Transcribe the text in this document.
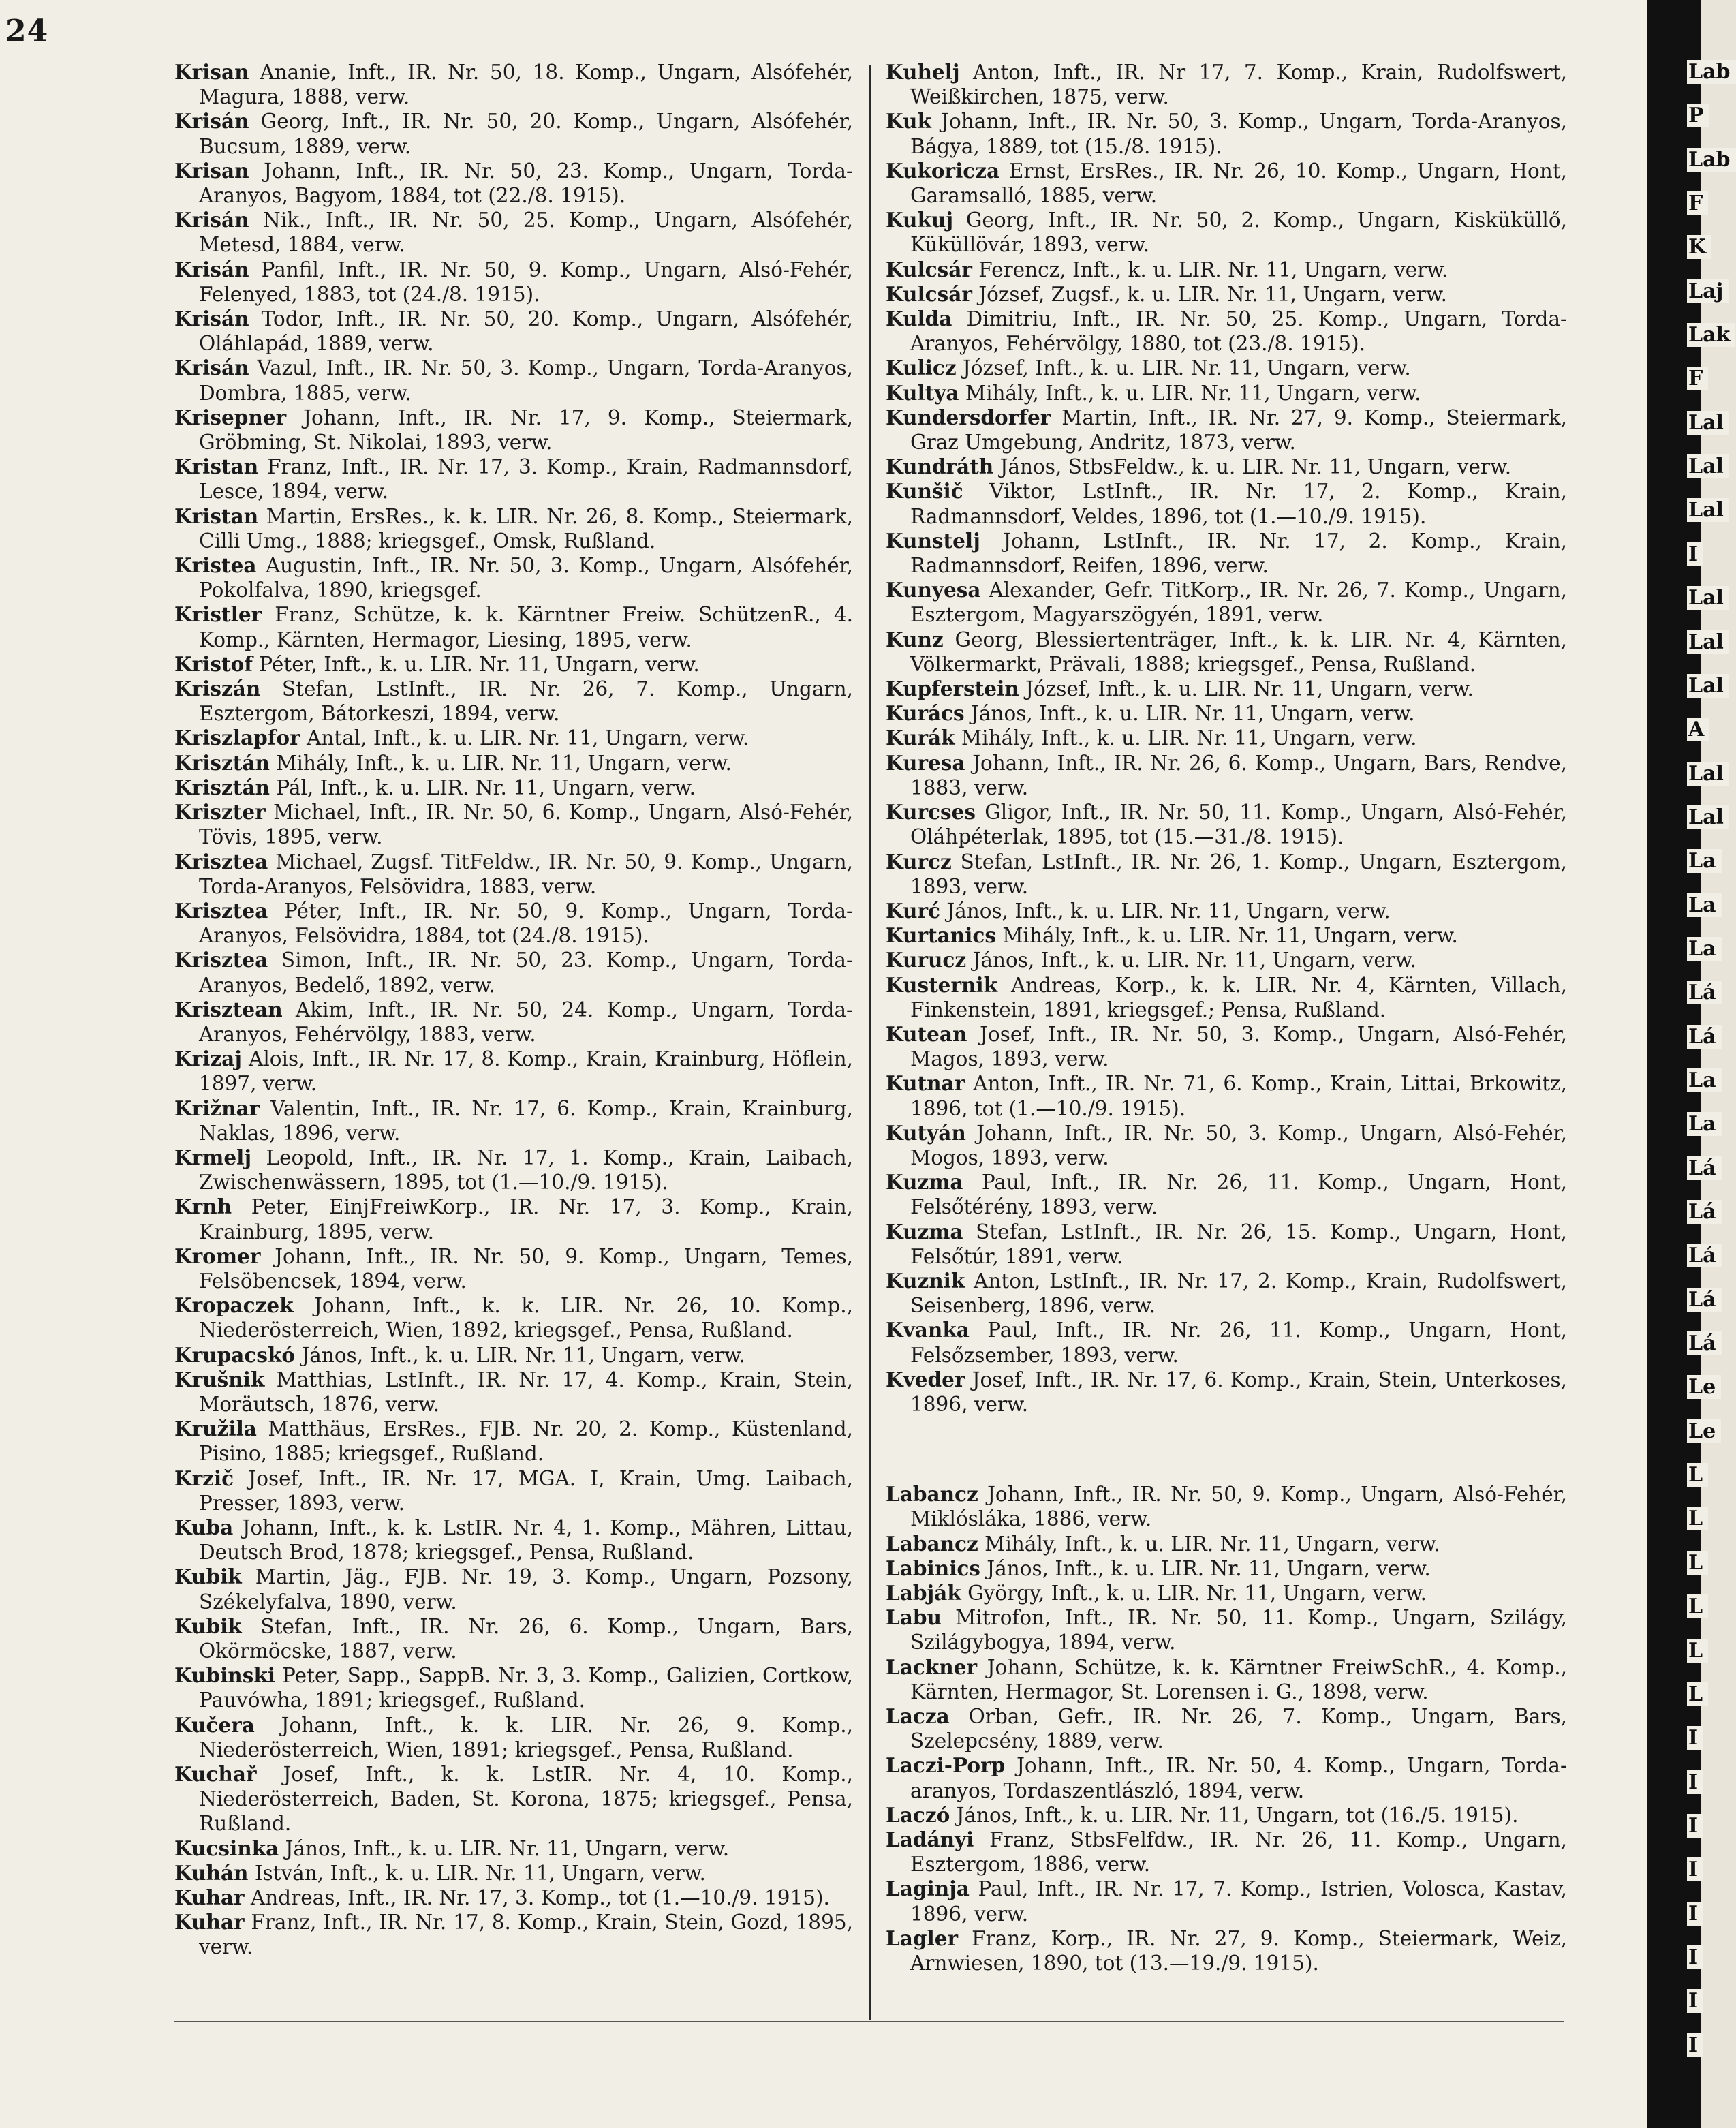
24

Krisan Ananie, Inft., IR. Nr. 50, 18. Komp., Ungarn, Alsófehér, Magura, 1888, verw.

Krisán Georg, Inft., IR. Nr. 50, 20. Komp., Ungarn, Alsófehér, Bucsum, 1889, verw.

Krisan Johann, Inft., IR. Nr. 50, 23. Komp., Ungarn, Torda-Aranyos, Bagyom, 1884, tot (22./8. 1915).

Krisán Nik., Inft., IR. Nr. 50, 25. Komp., Ungarn, Alsófehér, Metesd, 1884, verw.

Krisán Panfil, Inft., IR. Nr. 50, 9. Komp., Ungarn, Alsó-Fehér, Felenyed, 1883, tot (24./8. 1915).

Krisán Todor, Inft., IR. Nr. 50, 20. Komp., Ungarn, Alsófehér, Oláhlapád, 1889, verw.

Krisán Vazul, Inft., IR. Nr. 50, 3. Komp., Ungarn, Torda-Aranyos, Dombra, 1885, verw.

Krisepner Johann, Inft., IR. Nr. 17, 9. Komp., Steiermark, Gröbming, St. Nikolai, 1893, verw.

Kristan Franz, Inft., IR. Nr. 17, 3. Komp., Krain, Radmannsdorf, Lesce, 1894, verw.

Kristan Martin, ErsRes., k. k. LIR. Nr. 26, 8. Komp., Steiermark, Cilli Umg., 1888; kriegsgef., Omsk, Rußland.

Kristea Augustin, Inft., IR. Nr. 50, 3. Komp., Ungarn, Alsófehér, Pokolfalva, 1890, kriegsgef.

Kristler Franz, Schütze, k. k. Kärntner Freiw. SchützenR., 4. Komp., Kärnten, Hermagor, Liesing, 1895, verw.

Kristof Péter, Inft., k. u. LIR. Nr. 11, Ungarn, verw.

Kriszán Stefan, LstInft., IR. Nr. 26, 7. Komp., Ungarn, Esztergom, Bátorkeszi, 1894, verw.

Kriszlapfor Antal, Inft., k. u. LIR. Nr. 11, Ungarn, verw.

Krisztán Mihály, Inft., k. u. LIR. Nr. 11, Ungarn, verw.

Krisztán Pál, Inft., k. u. LIR. Nr. 11, Ungarn, verw.

Kriszter Michael, Inft., IR. Nr. 50, 6. Komp., Ungarn, Alsó-Fehér, Tövis, 1895, verw.

Krisztea Michael, Zugsf. TitFeldw., IR. Nr. 50, 9. Komp., Ungarn, Torda-Aranyos, Felsövidra, 1883, verw.

Krisztea Péter, Inft., IR. Nr. 50, 9. Komp., Ungarn, Torda-Aranyos, Felsövidra, 1884, tot (24./8. 1915).

Krisztea Simon, Inft., IR. Nr. 50, 23. Komp., Ungarn, Torda-Aranyos, Bedelő, 1892, verw.

Krisztean Akim, Inft., IR. Nr. 50, 24. Komp., Ungarn, Torda-Aranyos, Fehérvölgy, 1883, verw.

Krizaj Alois, Inft., IR. Nr. 17, 8. Komp., Krain, Krainburg, Höflein, 1897, verw.

Križnar Valentin, Inft., IR. Nr. 17, 6. Komp., Krain, Krainburg, Naklas, 1896, verw.

Krmelj Leopold, Inft., IR. Nr. 17, 1. Komp., Krain, Laibach, Zwischenwässern, 1895, tot (1.—10./9. 1915).

Krnh Peter, EinjFreiwKorp., IR. Nr. 17, 3. Komp., Krain, Krainburg, 1895, verw.

Kromer Johann, Inft., IR. Nr. 50, 9. Komp., Ungarn, Temes, Felsöbencsek, 1894, verw.

Kropaczek Johann, Inft., k. k. LIR. Nr. 26, 10. Komp., Niederösterreich, Wien, 1892, kriegsgef., Pensa, Rußland.

Krupacskó János, Inft., k. u. LIR. Nr. 11, Ungarn, verw.

Krušnik Matthias, LstInft., IR. Nr. 17, 4. Komp., Krain, Stein, Moräutsch, 1876, verw.

Kružila Matthäus, ErsRes., FJB. Nr. 20, 2. Komp., Küstenland, Pisino, 1885; kriegsgef., Rußland.

Krzič Josef, Inft., IR. Nr. 17, MGA. I, Krain, Umg. Laibach, Presser, 1893, verw.

Kuba Johann, Inft., k. k. LstIR. Nr. 4, 1. Komp., Mähren, Littau, Deutsch Brod, 1878; kriegsgef., Pensa, Rußland.

Kubik Martin, Jäg., FJB. Nr. 19, 3. Komp., Ungarn, Pozsony, Székelyfalva, 1890, verw.

Kubik Stefan, Inft., IR. Nr. 26, 6. Komp., Ungarn, Bars, Okörmöcske, 1887, verw.

Kubinski Peter, Sapp., SappB. Nr. 3, 3. Komp., Galizien, Cortkow, Pauvówha, 1891; kriegsgef., Rußland.

Kučera Johann, Inft., k. k. LIR. Nr. 26, 9. Komp., Niederösterreich, Wien, 1891; kriegsgef., Pensa, Rußland.

Kuchař Josef, Inft., k. k. LstIR. Nr. 4, 10. Komp., Niederösterreich, Baden, St. Korona, 1875; kriegsgef., Pensa, Rußland.

Kucsinka János, Inft., k. u. LIR. Nr. 11, Ungarn, verw.

Kuhán István, Inft., k. u. LIR. Nr. 11, Ungarn, verw.

Kuhar Andreas, Inft., IR. Nr. 17, 3. Komp., tot (1.—10./9. 1915).

Kuhar Franz, Inft., IR. Nr. 17, 8. Komp., Krain, Stein, Gozd, 1895, verw.

Kuhelj Anton, Inft., IR. Nr 17, 7. Komp., Krain, Rudolfswert, Weißkirchen, 1875, verw.

Kuk Johann, Inft., IR. Nr. 50, 3. Komp., Ungarn, Torda-Aranyos, Bágya, 1889, tot (15./8. 1915).

Kukoricza Ernst, ErsRes., IR. Nr. 26, 10. Komp., Ungarn, Hont, Garamsalló, 1885, verw.

Kukuj Georg, Inft., IR. Nr. 50, 2. Komp., Ungarn, Kisküküllő, Küküllövár, 1893, verw.

Kulcsár Ferencz, Inft., k. u. LIR. Nr. 11, Ungarn, verw.

Kulcsár József, Zugsf., k. u. LIR. Nr. 11, Ungarn, verw.

Kulda Dimitriu, Inft., IR. Nr. 50, 25. Komp., Ungarn, Torda-Aranyos, Fehérvölgy, 1880, tot (23./8. 1915).

Kulicz József, Inft., k. u. LIR. Nr. 11, Ungarn, verw.

Kultya Mihály, Inft., k. u. LIR. Nr. 11, Ungarn, verw.

Kundersdorfer Martin, Inft., IR. Nr. 27, 9. Komp., Steiermark, Graz Umgebung, Andritz, 1873, verw.

Kundráth János, StbsFeldw., k. u. LIR. Nr. 11, Ungarn, verw.

Kunšič Viktor, LstInft., IR. Nr. 17, 2. Komp., Krain, Radmannsdorf, Veldes, 1896, tot (1.—10./9. 1915).

Kunstelj Johann, LstInft., IR. Nr. 17, 2. Komp., Krain, Radmannsdorf, Reifen, 1896, verw.

Kunyesa Alexander, Gefr. TitKorp., IR. Nr. 26, 7. Komp., Ungarn, Esztergom, Magyarszögyén, 1891, verw.

Kunz Georg, Blessiertenträger, Inft., k. k. LIR. Nr. 4, Kärnten, Völkermarkt, Prävali, 1888; kriegsgef., Pensa, Rußland.

Kupferstein József, Inft., k. u. LIR. Nr. 11, Ungarn, verw.

Kurács János, Inft., k. u. LIR. Nr. 11, Ungarn, verw.

Kurák Mihály, Inft., k. u. LIR. Nr. 11, Ungarn, verw.

Kuresa Johann, Inft., IR. Nr. 26, 6. Komp., Ungarn, Bars, Rendve, 1883, verw.

Kurcses Gligor, Inft., IR. Nr. 50, 11. Komp., Ungarn, Alsó-Fehér, Oláhpéterlak, 1895, tot (15.—31./8. 1915).

Kurcz Stefan, LstInft., IR. Nr. 26, 1. Komp., Ungarn, Esztergom, 1893, verw.

Kurć János, Inft., k. u. LIR. Nr. 11, Ungarn, verw.

Kurtanics Mihály, Inft., k. u. LIR. Nr. 11, Ungarn, verw.

Kurucz János, Inft., k. u. LIR. Nr. 11, Ungarn, verw.

Kusternik Andreas, Korp., k. k. LIR. Nr. 4, Kärnten, Villach, Finkenstein, 1891, kriegsgef.; Pensa, Rußland.

Kutean Josef, Inft., IR. Nr. 50, 3. Komp., Ungarn, Alsó-Fehér, Magos, 1893, verw.

Kutnar Anton, Inft., IR. Nr. 71, 6. Komp., Krain, Littai, Brkowitz, 1896, tot (1.—10./9. 1915).

Kutyán Johann, Inft., IR. Nr. 50, 3. Komp., Ungarn, Alsó-Fehér, Mogos, 1893, verw.

Kuzma Paul, Inft., IR. Nr. 26, 11. Komp., Ungarn, Hont, Felsőtérény, 1893, verw.

Kuzma Stefan, LstInft., IR. Nr. 26, 15. Komp., Ungarn, Hont, Felsőtúr, 1891, verw.

Kuznik Anton, LstInft., IR. Nr. 17, 2. Komp., Krain, Rudolfswert, Seisenberg, 1896, verw.

Kvanka Paul, Inft., IR. Nr. 26, 11. Komp., Ungarn, Hont, Felsőzsember, 1893, verw.

Kveder Josef, Inft., IR. Nr. 17, 6. Komp., Krain, Stein, Unterkoses, 1896, verw.

Labancz Johann, Inft., IR. Nr. 50, 9. Komp., Ungarn, Alsó-Fehér, Miklósláka, 1886, verw.

Labancz Mihály, Inft., k. u. LIR. Nr. 11, Ungarn, verw.

Labinics János, Inft., k. u. LIR. Nr. 11, Ungarn, verw.

Labják György, Inft., k. u. LIR. Nr. 11, Ungarn, verw.

Labu Mitrofon, Inft., IR. Nr. 50, 11. Komp., Ungarn, Szilágy, Szilágybogya, 1894, verw.

Lackner Johann, Schütze, k. k. Kärntner FreiwSchR., 4. Komp., Kärnten, Hermagor, St. Lorensen i. G., 1898, verw.

Lacza Orban, Gefr., IR. Nr. 26, 7. Komp., Ungarn, Bars, Szelepcsény, 1889, verw.

Laczi-Porp Johann, Inft., IR. Nr. 50, 4. Komp., Ungarn, Torda-aranyos, Tordaszentlászló, 1894, verw.

Laczó János, Inft., k. u. LIR. Nr. 11, Ungarn, tot (16./5. 1915).

Ladányi Franz, StbsFelfdw., IR. Nr. 26, 11. Komp., Ungarn, Esztergom, 1886, verw.

Laginja Paul, Inft., IR. Nr. 17, 7. Komp., Istrien, Volosca, Kastav, 1896, verw.

Lagler Franz, Korp., IR. Nr. 27, 9. Komp., Steiermark, Weiz, Arnwiesen, 1890, tot (13.—19./9. 1915).

Lab
P
Lab
F
K
Laj
Lak
F
Lal
Lal
Lal
I
Lal
Lal
Lal
A
Lal
Lal
La
La
La
Lá
Lá
La
La
Lá
Lá
Lá
Lá
Lá
Le
Le
L
L
L
L
L
L
I
I
I
I
I
I
I
I
